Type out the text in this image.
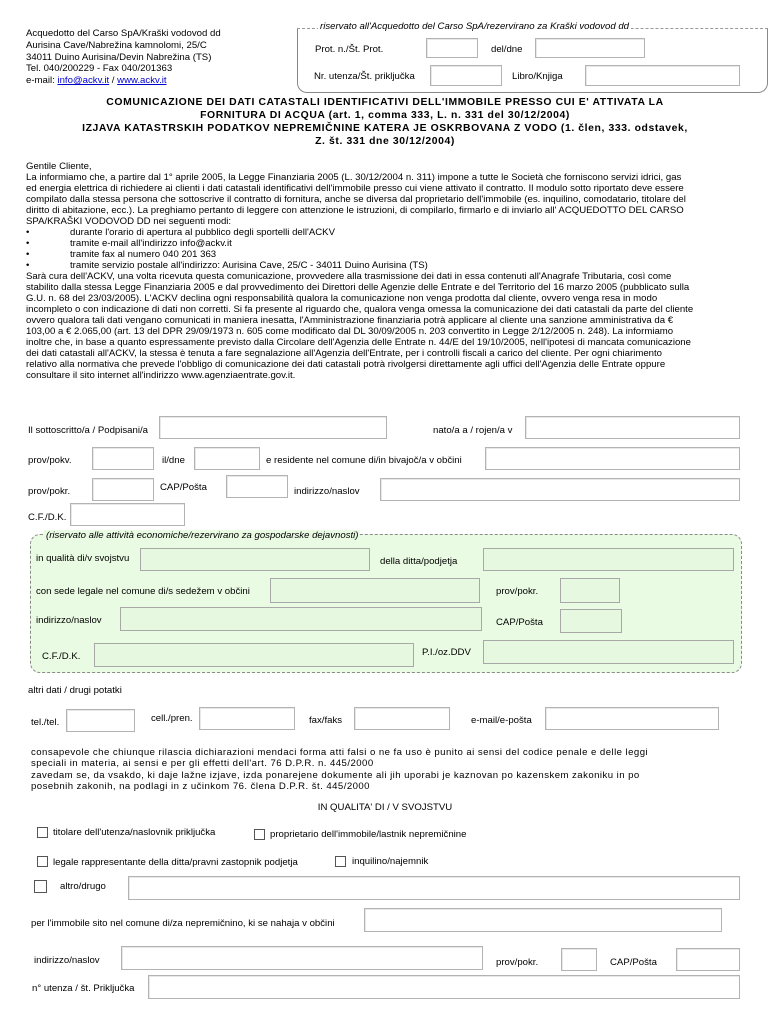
Acquedotto del Carso SpA/Kraški vodovod dd
Aurisina Cave/Nabrežina kamnolomi, 25/C
34011 Duino Aurisina/Devin Nabrežina (TS)
Tel. 040/200229 - Fax 040/201363
e-mail: info@ackv.it / www.ackv.it
riservato all'Acquedotto del Carso SpA/rezervirano za Kraški vodovod dd
Prot. n./Št. Prot.	del/dne
Nr. utenza/Št. priključka	Libro/Knjiga
COMUNICAZIONE DEI DATI CATASTALI IDENTIFICATIVI DELL'IMMOBILE PRESSO CUI E' ATTIVATA LA
FORNITURA DI ACQUA (art. 1, comma 333, L. n. 331 del 30/12/2004)
IZJAVA KATASTRSKIH PODATKOV NEPREMIČNINE KATERA JE OSKRBOVANA Z VODO (1. člen, 333. odstavek,
Z. št. 331 dne 30/12/2004)
Gentile Cliente,
La informiamo che, a partire dal 1° aprile 2005, la Legge Finanziaria 2005 (L. 30/12/2004 n. 311) impone a tutte le Società che forniscono servizi idrici, gas
ed energia elettrica di richiedere ai clienti i dati catastali identificativi dell'immobile presso cui viene attivato il contratto. Il modulo sotto riportato deve essere
compilato dalla stessa persona che sottoscrive il contratto di fornitura, anche se diversa dal proprietario dell'immobile (es. inquilino, comodatario, titolare del
diritto di abitazione, ecc.). La preghiamo pertanto di leggere con attenzione le istruzioni, di compilarlo, firmarlo e di inviarlo all' ACQUEDOTTO DEL CARSO
SPA/KRAŠKI VODOVOD DD nei seguenti modi:
•	durante l'orario di apertura al pubblico degli sportelli dell'ACKV
•	tramite e-mail all'indirizzo info@ackv.it
•	tramite fax al numero 040 201 363
•	tramite servizio postale all'indirizzo: Aurisina Cave, 25/C - 34011 Duino Aurisina (TS)
Sarà cura dell'ACKV, una volta ricevuta questa comunicazione, provvedere alla trasmissione dei dati in essa contenuti all'Anagrafe Tributaria, così come
stabilito dalla stessa Legge Finanziaria 2005 e dal provvedimento dei Direttori delle Agenzie delle Entrate e del Territorio del 16 marzo 2005 (pubblicato sulla
G.U. n. 68 del 23/03/2005). L'ACKV declina ogni responsabilità qualora la comunicazione non venga prodotta dal cliente, ovvero venga resa in modo
incompleto o con indicazione di dati non corretti. Si fa presente al riguardo che, qualora venga omessa la comunicazione dei dati catastali da parte del cliente
ovvero qualora tali dati vengano comunicati in maniera inesatta, l'Amministrazione finanziaria potrà applicare al cliente una sanzione amministrativa da €
103,00 a € 2.065,00 (art. 13 del DPR 29/09/1973 n. 605 come modificato dal DL 30/09/2005 n. 203 convertito in Legge 2/12/2005 n. 248). La informiamo
inoltre che, in base a quanto espressamente previsto dalla Circolare dell'Agenzia delle Entrate n. 44/E del 19/10/2005, nell'ipotesi di mancata comunicazione
dei dati catastali all'ACKV, la stessa è tenuta a fare segnalazione all'Agenzia dell'Entrate, per i controlli fiscali a carico del cliente. Per ogni chiarimento
relativo alla normativa che prevede l'obbligo di comunicazione dei dati catastali potrà rivolgersi direttamente agli uffici dell'Agenzia delle Entrate oppure
consultare il sito internet all'indirizzo www.agenziaentrate.gov.it.
Il sottoscritto/a / Podpisani/a	nato/a a / rojen/a v
prov/pokv.	il/dne	e residente nel comune di/in bivajoč/a v občini
prov/pokr.	CAP/Pošta	indirizzo/naslov
C.F./D.K.
(riservato alle attività economiche/rezervirano za gospodarske dejavnosti)
in qualità di/v svojstvu	della ditta/podjetja
con sede legale nel comune di/s sedežem v občini	prov/pokr.
indirizzo/naslov	CAP/Pošta
C.F./D.K.	P.I./oz.DDV
altri dati / drugi potatki
tel./tel.	cell./pren.	fax/faks	e-mail/e-pošta
consapevole che chiunque rilascia dichiarazioni mendaci forma atti falsi o ne fa uso è punito ai sensi del codice penale e delle leggi
speciali in materia, ai sensi e per gli effetti dell'art. 76 D.P.R. n. 445/2000
zavedam se, da vsakdo, ki daje lažne izjave, izda ponarejene dokumente ali jih uporabi je kaznovan po kazenskem zakoniku in po
posebnih zakonih, na podlagi in z učinkom 76. člena D.P.R. št. 445/2000
IN QUALITA' DI / V SVOJSTVU
titolare dell'utenza/naslovnik priključka	proprietario dell'immobile/lastnik nepremičnine
legale rappresentante della ditta/pravni zastopnik podjetja	inquilino/najemnik
altro/drugo
per l'immobile sito nel comune di/za nepremičnino, ki se nahaja v občini
indirizzo/naslov	prov/pokr.	CAP/Pošta
n° utenza / št. Priključka
